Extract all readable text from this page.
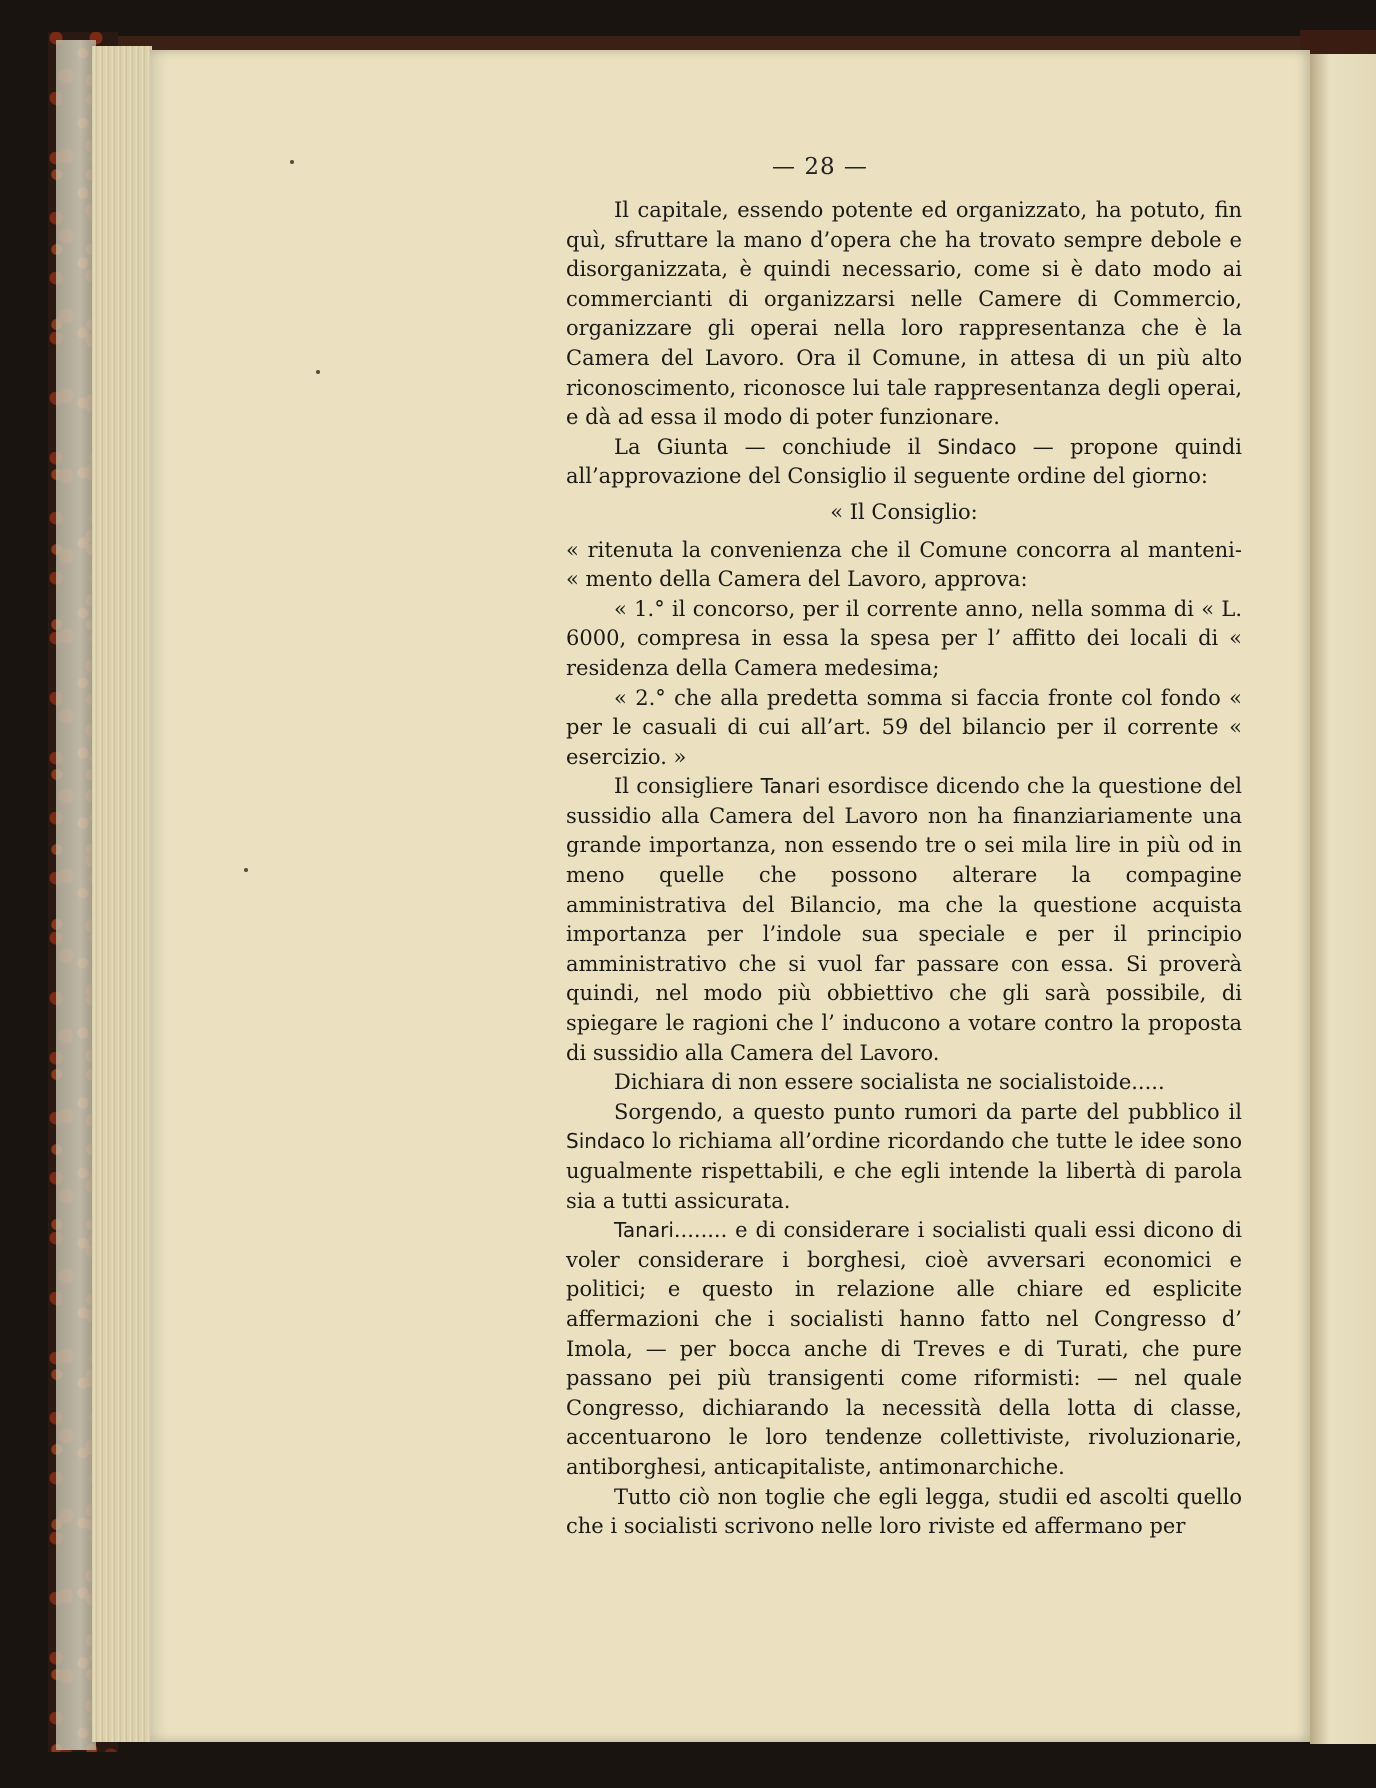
— 28 —

Il capitale, essendo potente ed organizzato, ha potuto, fin quì, sfruttare la mano d’opera che ha trovato sempre debole e disorganizzata, è quindi necessario, come si è dato modo ai commercianti di organizzarsi nelle Camere di Commercio, organizzare gli operai nella loro rappresentanza che è la Camera del Lavoro. Ora il Comune, in attesa di un più alto riconoscimento, riconosce lui tale rappresentanza degli operai, e dà ad essa il modo di poter funzionare.

La Giunta — conchiude il Sindaco — propone quindi all’approvazione del Consiglio il seguente ordine del giorno:

« Il Consiglio:

« ritenuta la convenienza che il Comune concorra al manteni- « mento della Camera del Lavoro, approva:

« 1.° il concorso, per il corrente anno, nella somma di « L. 6000, compresa in essa la spesa per l’ affitto dei locali di « residenza della Camera medesima;

« 2.° che alla predetta somma si faccia fronte col fondo « per le casuali di cui all’art. 59 del bilancio per il corrente « esercizio. »

Il consigliere Tanari esordisce dicendo che la questione del sussidio alla Camera del Lavoro non ha finanziariamente una grande importanza, non essendo tre o sei mila lire in più od in meno quelle che possono alterare la compagine amministrativa del Bilancio, ma che la questione acquista importanza per l’indole sua speciale e per il principio amministrativo che si vuol far passare con essa. Si proverà quindi, nel modo più obbiettivo che gli sarà possibile, di spiegare le ragioni che l’ inducono a votare contro la proposta di sussidio alla Camera del Lavoro.

Dichiara di non essere socialista ne socialistoide.....

Sorgendo, a questo punto rumori da parte del pubblico il Sindaco lo richiama all’ordine ricordando che tutte le idee sono ugualmente rispettabili, e che egli intende la libertà di parola sia a tutti assicurata.

Tanari........ e di considerare i socialisti quali essi dicono di voler considerare i borghesi, cioè avversari economici e politici; e questo in relazione alle chiare ed esplicite affermazioni che i socialisti hanno fatto nel Congresso d’ Imola, — per bocca anche di Treves e di Turati, che pure passano pei più transigenti come riformisti: — nel quale Congresso, dichiarando la necessità della lotta di classe, accentuarono le loro tendenze collettiviste, rivoluzionarie, antiborghesi, anticapitaliste, antimonarchiche.

Tutto ciò non toglie che egli legga, studii ed ascolti quello che i socialisti scrivono nelle loro riviste ed affermano per
